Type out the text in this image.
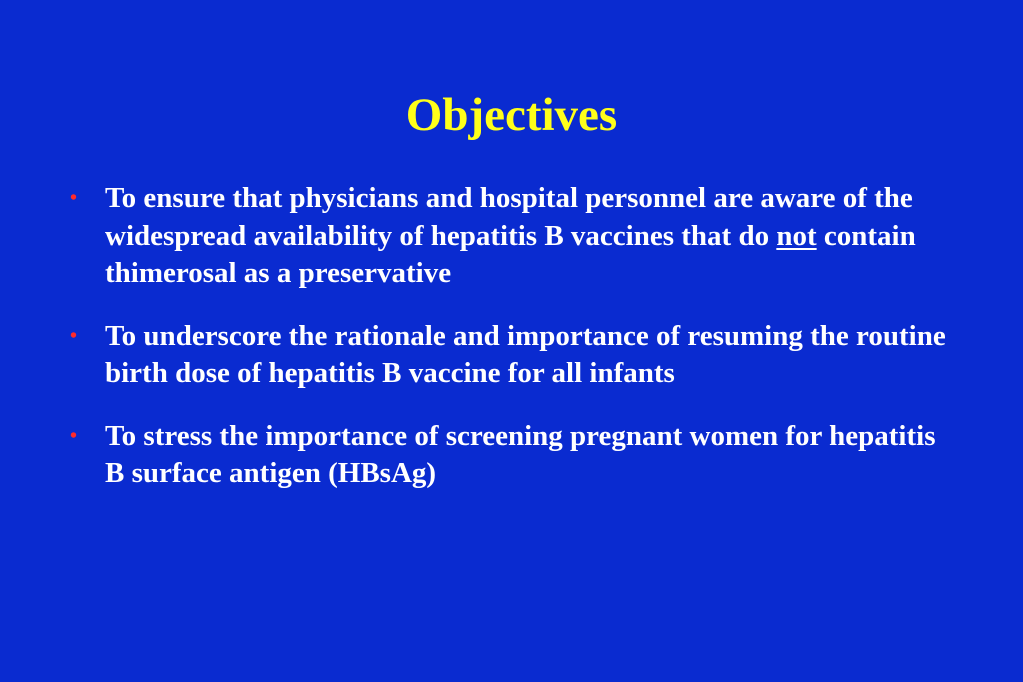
Objectives
• To ensure that physicians and hospital personnel are aware of the widespread availability of hepatitis B vaccines that do not contain thimerosal as a preservative
• To underscore the rationale and importance of resuming the routine birth dose of hepatitis B vaccine for all infants
• To stress the importance of screening pregnant women for hepatitis B surface antigen (HBsAg)
